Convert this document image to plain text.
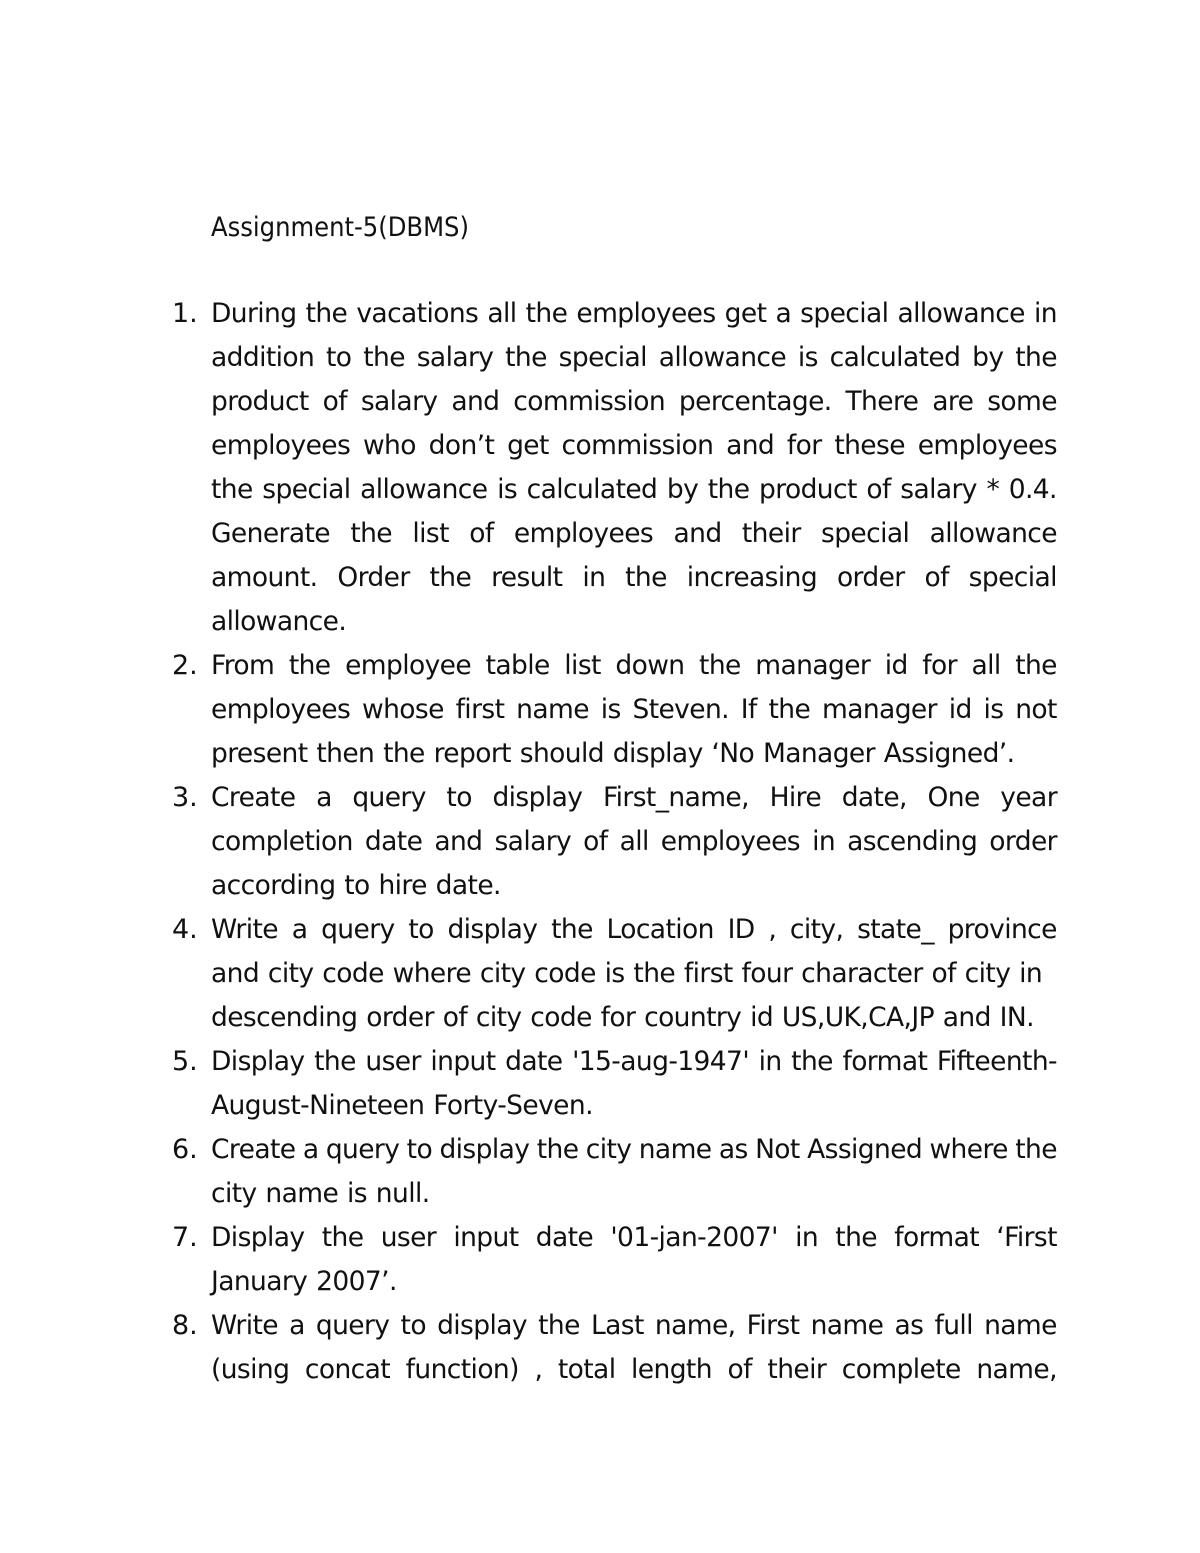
Assignment-5(DBMS)
1. During the vacations all the employees get a special allowance in
addition to the salary the special allowance is calculated by the
product of salary and commission percentage. There are some
employees who don’t get commission and for these employees
the special allowance is calculated by the product of salary * 0.4.
Generate the list of employees and their special allowance
amount. Order the result in the increasing order of special
allowance.
2. From the employee table list down the manager id for all the
employees whose first name is Steven. If the manager id is not
present then the report should display ‘No Manager Assigned’.
3. Create a query to display First_name, Hire date, One year
completion date and salary of all employees in ascending order
according to hire date.
4. Write a query to display the Location ID , city, state_ province
and city code where city code is the first four character of city in
descending order of city code for country id US,UK,CA,JP and IN.
5. Display the user input date '15-aug-1947' in the format Fifteenth-
August-Nineteen Forty-Seven.
6. Create a query to display the city name as Not Assigned where the
city name is null.
7. Display the user input date '01-jan-2007' in the format ‘First
January 2007’.
8. Write a query to display the Last name, First name as full name
(using concat function) , total length of their complete name,
